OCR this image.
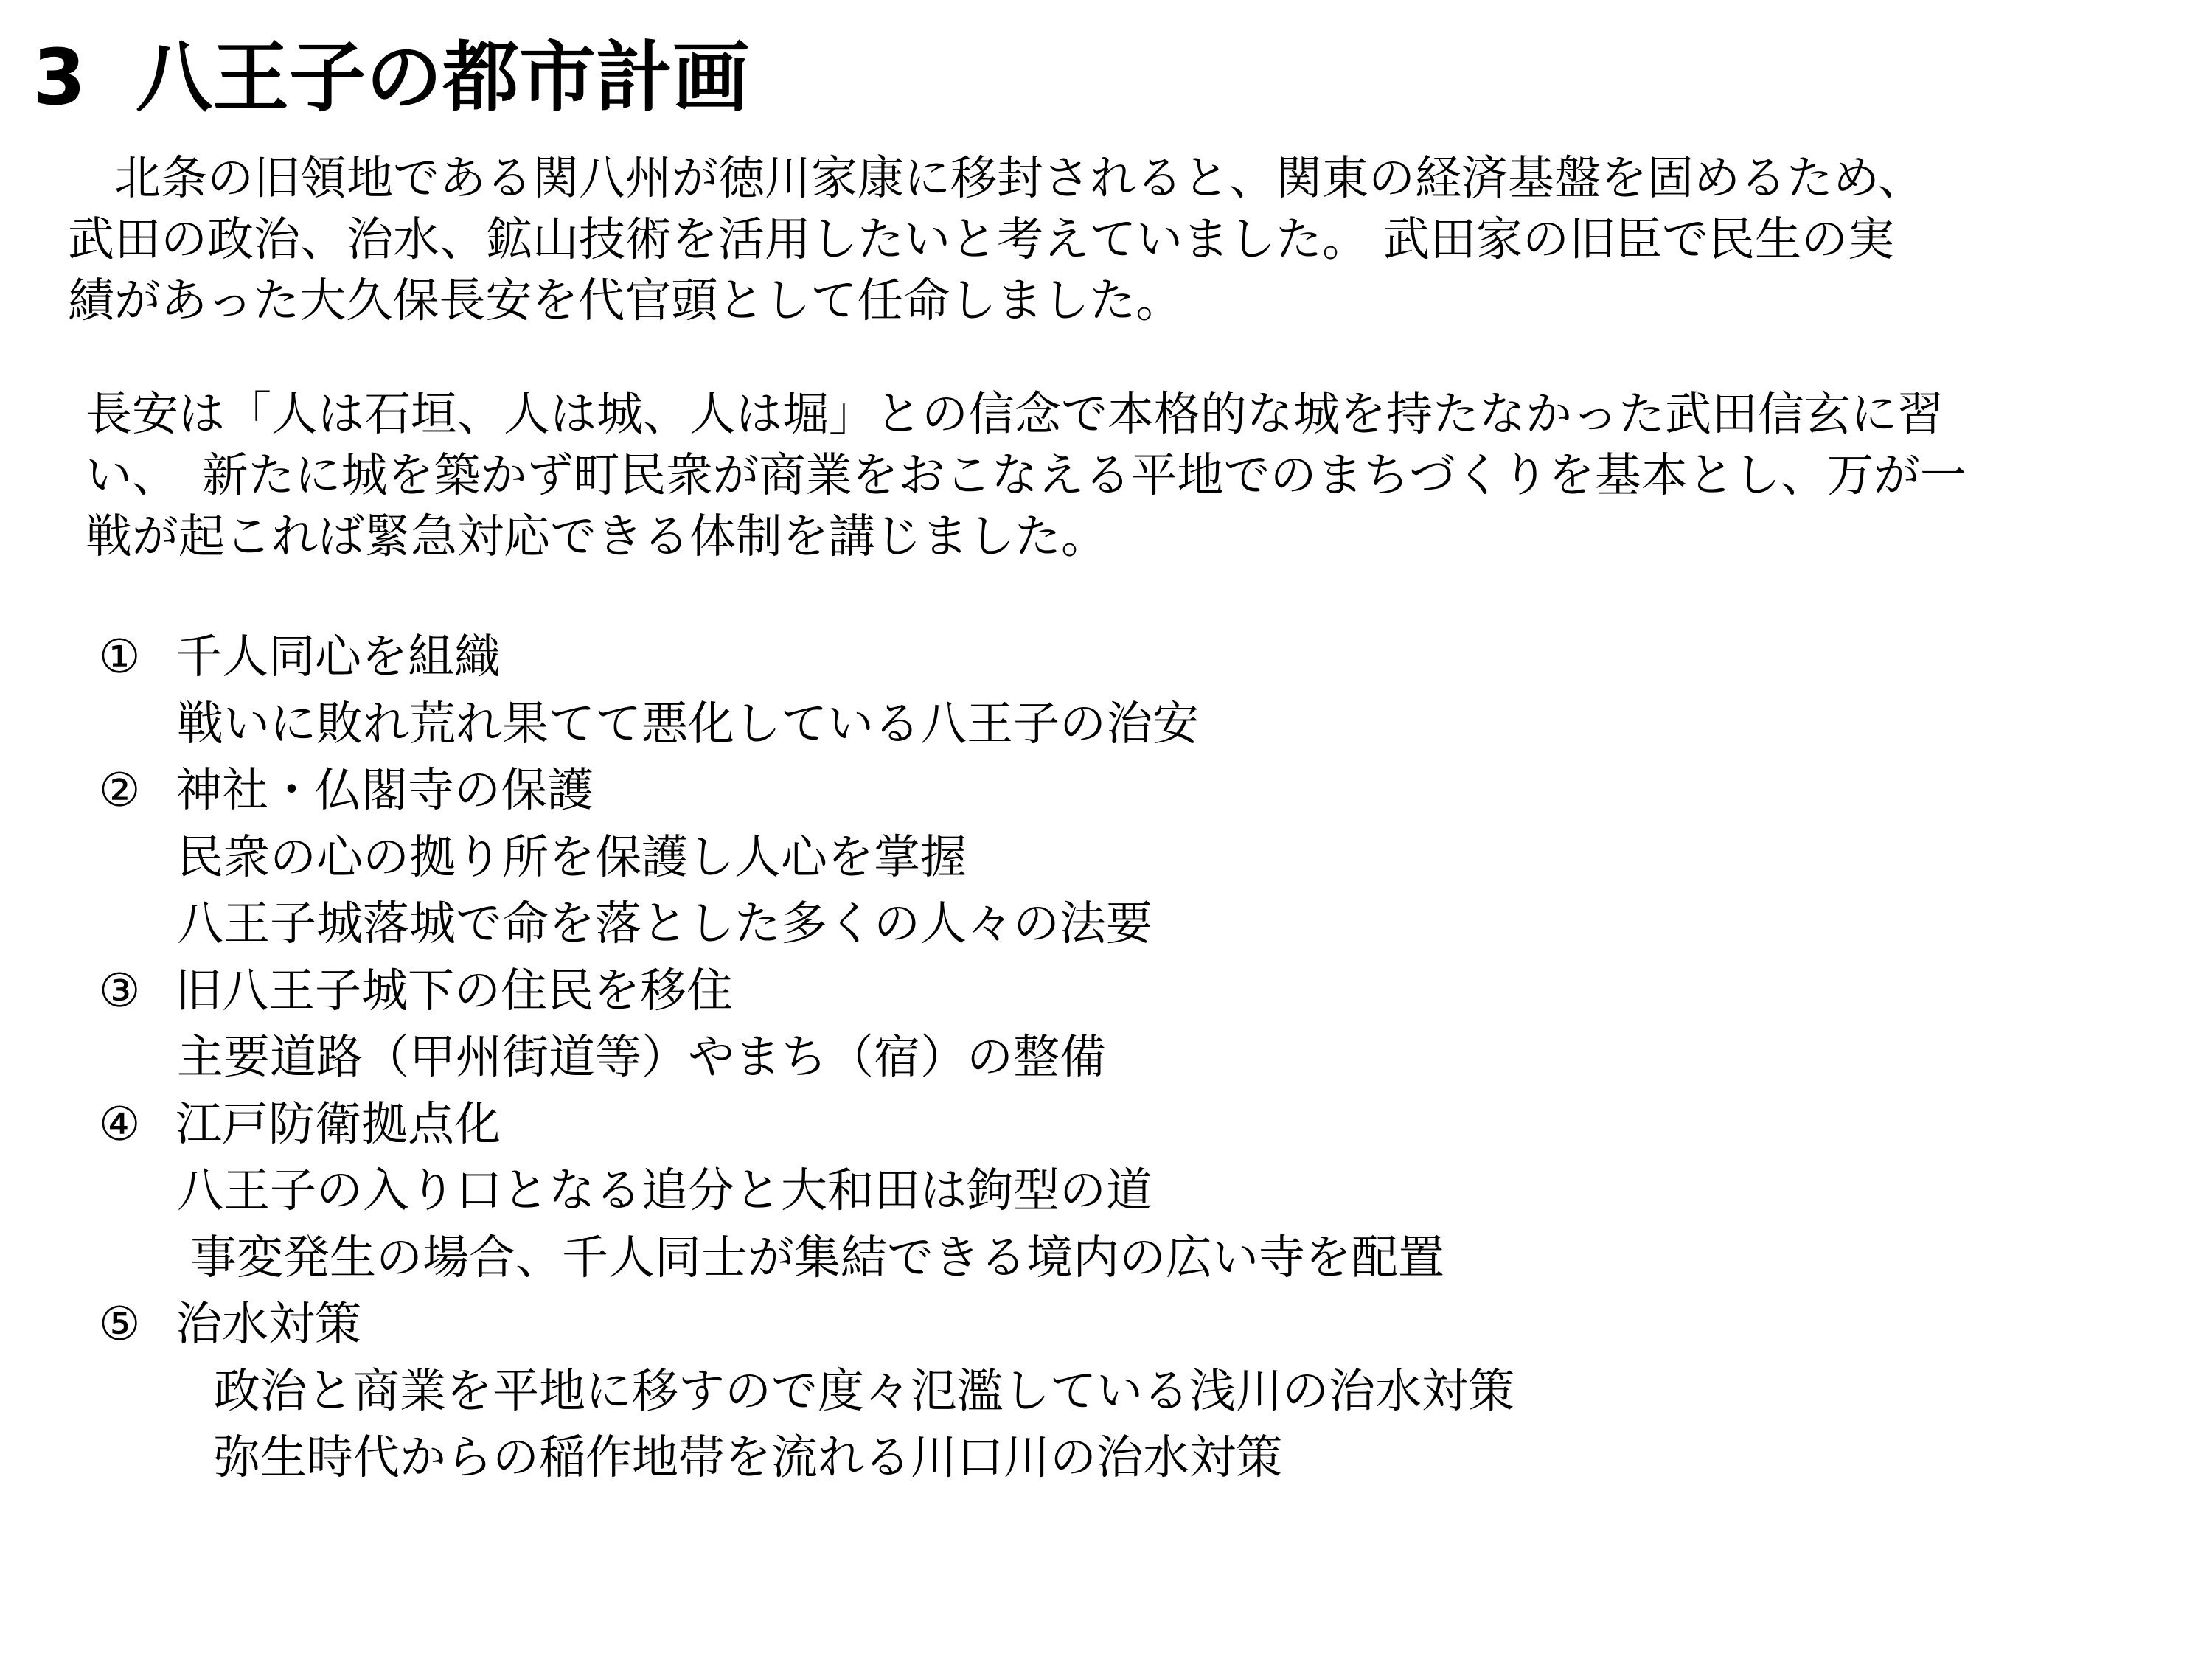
3 八王子の都市計画
　北条の旧領地である関八州が徳川家康に移封されると、関東の経済基盤を固めるため、
武田の政治、治水、鉱山技術を活用したいと考えていました。 武田家の旧臣で民生の実
績があった大久保長安を代官頭として任命しました。
長安は「人は石垣、人は城、人は堀」との信念で本格的な城を持たなかった武田信玄に習
い、　新たに城を築かず町民衆が商業をおこなえる平地でのまちづくりを基本とし、万が一
戦が起これば緊急対応できる体制を講じました。
① 千人同心を組織
戦いに敗れ荒れ果てて悪化している八王子の治安
② 神社・仏閣寺の保護
民衆の心の拠り所を保護し人心を掌握
八王子城落城で命を落とした多くの人々の法要
③ 旧八王子城下の住民を移住
主要道路（甲州街道等）やまち（宿）の整備
④ 江戸防衛拠点化
八王子の入り口となる追分と大和田は鉤型の道
事変発生の場合、千人同士が集結できる境内の広い寺を配置
⑤ 治水対策
政治と商業を平地に移すので度々氾濫している浅川の治水対策
弥生時代からの稲作地帯を流れる川口川の治水対策
